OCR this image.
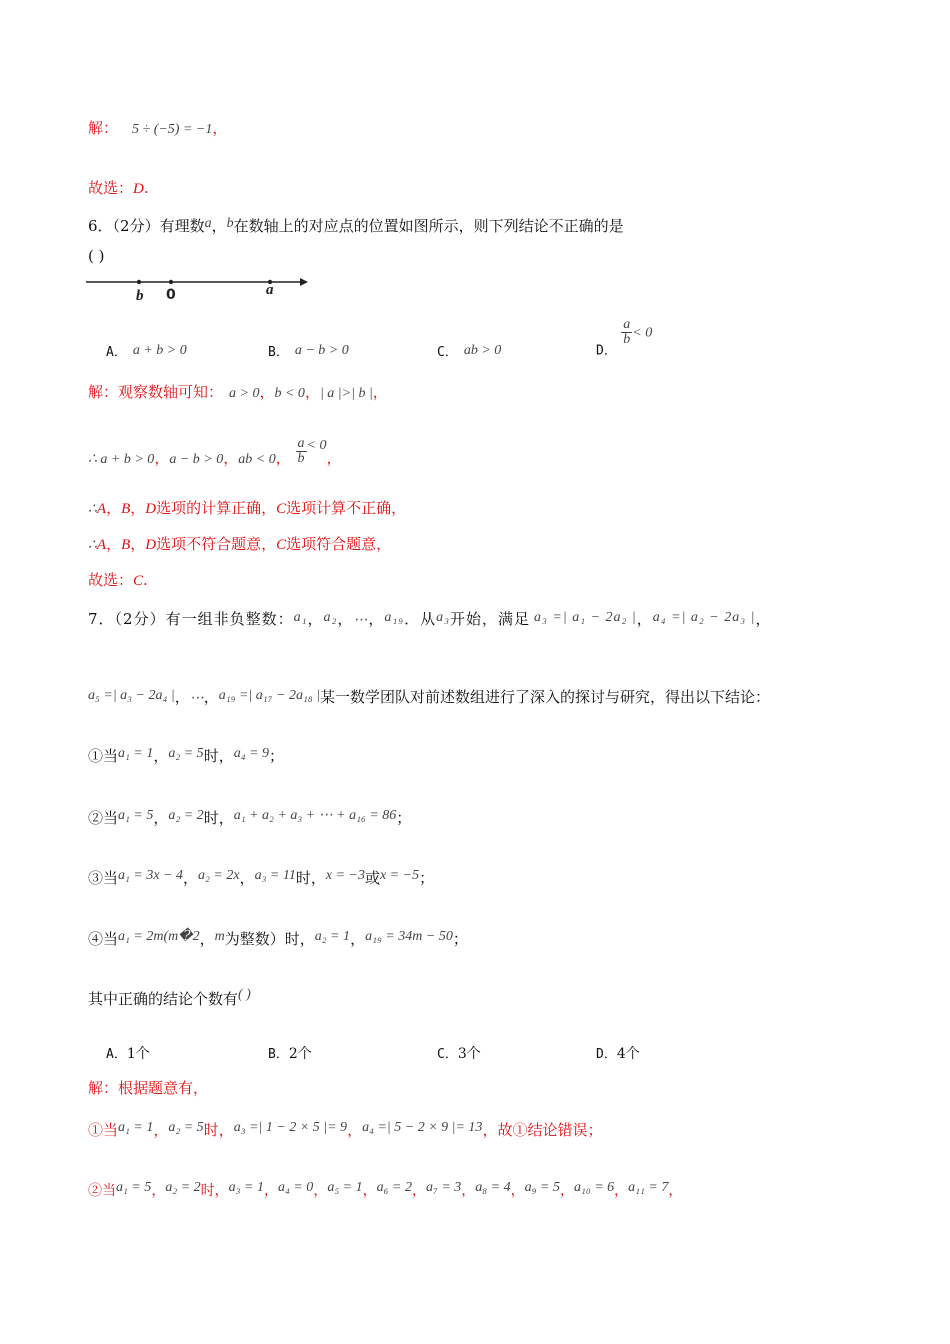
解： 5 ÷ (−5) = −1，
故选：D.
6．（2分）有理数a，b在数轴上的对应点的位置如图所示，则下列结论不正确的是
( )
b 0	a
A． a + b > 0	B． a − b > 0	C． ab > 0	D．
$\frac{a}{b} < 0$
解：观察数轴可知： a > 0，b < 0，| a |>| b |，
∴ a + b > 0，a − b > 0，ab < 0， $\frac{a}{b} < 0$，
∴A，B，D选项的计算正确，C选项计算不正确，
∴A，B，D选项不符合题意，C选项符合题意，
故选：C.
7．（2分）有一组非负整数：a₁，a₂，⋯，a₁₉．从a₃开始，满足 a₃ =| a₁ − 2a₂ |，a₄ =| a₂ − 2a₃ |，
a₅ =| a₃ − 2a₄ |，⋯，a₁₉ =| a₁₇ − 2a₁₈ |某一数学团队对前述数组进行了深入的探讨与研究，得出以下结论：
①当a₁ = 1，a₂ = 5时，a₄ = 9；
②当a₁ = 5，a₂ = 2时，a₁ + a₂ + a₃ + ⋯ + a₁₆ = 86；
③当a₁ = 3x − 4，a₂ = 2x，a₃ = 11时，x = −3或x = −5；
④当a₁ = 2m(m�2，m为整数）时，a₂ = 1，a₁₉ = 34m − 50；
其中正确的结论个数有( )
A．1个	B．2个	C．3个	D．4个
解：根据题意有，
①当a₁ = 1，a₂ = 5时，a₃ =| 1 − 2 × 5 |= 9，a₄ =| 5 − 2 × 9 |= 13，故①结论错误；
②当a₁ = 5，a₂ = 2时，a₃ = 1，a₄ = 0，a₅ = 1，a₆ = 2，a₇ = 3，a₈ = 4，a₉ = 5，a₁₀ = 6，a₁₁ = 7，
